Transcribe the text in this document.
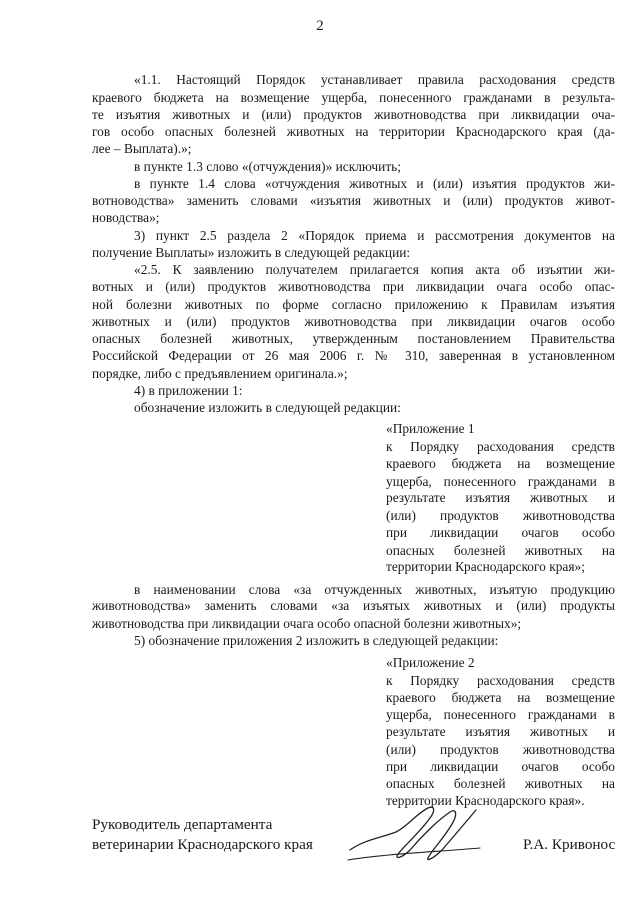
2
«1.1. Настоящий Порядок устанавливает правила расходования средств
краевого бюджета на возмещение ущерба, понесенного гражданами в результа-
те изъятия животных и (или) продуктов животноводства при ликвидации оча-
гов особо опасных болезней животных на территории Краснодарского края (да-
лее – Выплата).»;
в пункте 1.3 слово «(отчуждения)» исключить;
в пункте 1.4 слова «отчуждения животных и (или) изъятия продуктов жи-
вотноводства» заменить словами «изъятия животных и (или) продуктов живот-
новодства»;
3) пункт 2.5 раздела 2 «Порядок приема и рассмотрения документов на
получение Выплаты» изложить в следующей редакции:
«2.5. К заявлению получателем прилагается копия акта об изъятии жи-
вотных и (или) продуктов животноводства при ликвидации очага особо опас-
ной болезни животных по форме согласно приложению к Правилам изъятия
животных и (или) продуктов животноводства при ликвидации очагов особо
опасных болезней животных, утвержденным постановлением Правительства
Российской Федерации от 26 мая 2006 г. № 310, заверенная в установленном
порядке, либо с предъявлением оригинала.»;
4) в приложении 1:
обозначение изложить в следующей редакции:
«Приложение 1
к Порядку расходования средств
краевого бюджета на возмещение
ущерба, понесенного гражданами в
результате изъятия животных и
(или) продуктов животноводства
при ликвидации очагов особо
опасных болезней животных на
территории Краснодарского края»;
в наименовании слова «за отчужденных животных, изъятую продукцию
животноводства» заменить словами «за изъятых животных и (или) продукты
животноводства при ликвидации очага особо опасной болезни животных»;
5) обозначение приложения 2 изложить в следующей редакции:
«Приложение 2
к Порядку расходования средств
краевого бюджета на возмещение
ущерба, понесенного гражданами в
результате изъятия животных и
(или) продуктов животноводства
при ликвидации очагов особо
опасных болезней животных на
территории Краснодарского края».
Руководитель департамента
ветеринарии Краснодарского края	Р.А. Кривонос
